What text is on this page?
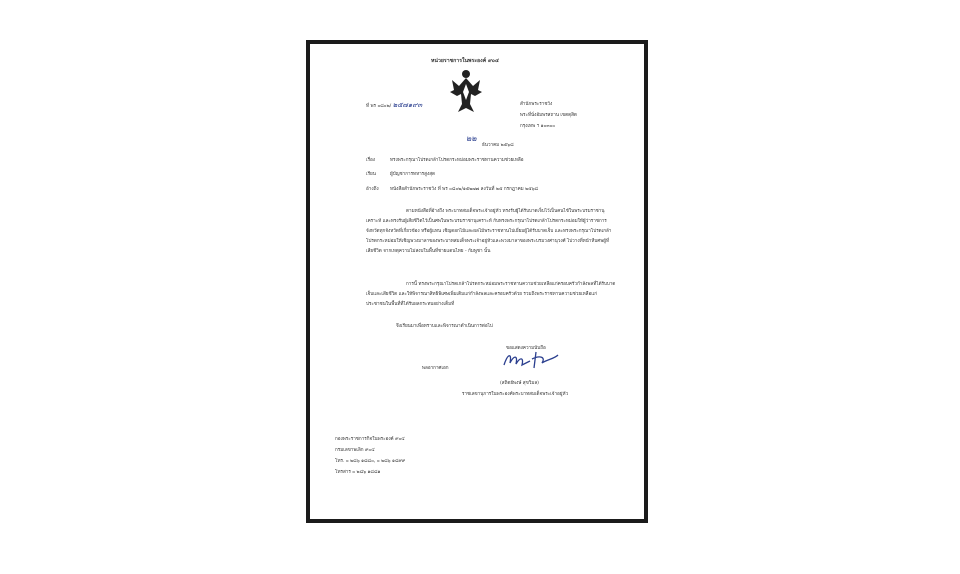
หน่วยราชการในพระองค์ ๙๐๔
ที่ พร ๐๘๐๒/ ๒๕๗๑๙๓	สำนักพระราชวัง
พระที่นั่งอัมพรสถาน เขตดุสิต
กรุงเทพ ฯ ๑๐๓๐๐
๒๒
ธันวาคม ๒๕๖๘
เรื่อง	ทรงพระกรุณาโปรดเกล้าโปรดกระหม่อมพระราชทานความช่วยเหลือ
เรียน	ผู้บัญชาการทหารสูงสุด
อ้างถึง หนังสือสำนักพระราชวัง ที่ พร ๐๘๐๒/๑๕๒๗๗ ลงวันที่ ๒๕ กรกฎาคม ๒๕๖๘
ตามหนังสือที่อ้างถึง พระบาทสมเด็จพระเจ้าอยู่หัว ทรงรับผู้ได้รับบาดเจ็บไว้เป็นคนไข้ในพระบรมราชานุเคราะห์ และทรงรับผู้เสียชีวิตไว้เป็นศพในพระบรมราชานุเคราะห์ กับทรงพระกรุณาโปรดเกล้าโปรดกระหม่อมให้ผู้ว่าราชการจังหวัดทุกจังหวัดที่เกี่ยวข้อง หรือผู้แทน เชิญดอกไม้และผลไม้พระราชทานไปเยี่ยมผู้ได้รับบาดเจ็บ และทรงพระกรุณาโปรดเกล้าโปรดกระหม่อมให้เชิญพวงมาลาของพระบาทสมเด็จพระเจ้าอยู่หัวและพวงมาลาของพระบรมวงศานุวงศ์ ไปวางที่หน้าหีบศพผู้ที่เสียชีวิต จากเหตุความไม่สงบในพื้นที่ชายแดนไทย - กัมพูชา นั้น
การนี้ ทรงพระกรุณาโปรดเกล้าโปรดกระหม่อมพระราชทานความช่วยเหลือแก่ครอบครัวกำลังพลที่ได้รับบาดเจ็บและเสียชีวิต และให้พิจารณาสิทธิพิเศษเพิ่มเติมแก่กำลังพลและครอบครัวด้วย รวมถึงพระราชทานความช่วยเหลือแก่ประชาชนในพื้นที่ที่ได้รับผลกระทบอย่างเต็มที่
จึงเรียนมาเพื่อทราบและพิจารณาดำเนินการต่อไป
ขอแสดงความนับถือ
พลอากาศเอก
(สถิตย์พงษ์ สุขวิมล)
ราชเลขานุการในพระองค์พระบาทสมเด็จพระเจ้าอยู่หัว
กองพระราชการกิจในพระองค์ ๙๐๔
กรมเลขาพเลิก ๙๐๔
โทร. ๐ ๒๘๖ ๑๘๘๐, ๐ ๒๘๖ ๑๘๙๙
โทรสาร ๐ ๒๘๖ ๑๘๘๑
